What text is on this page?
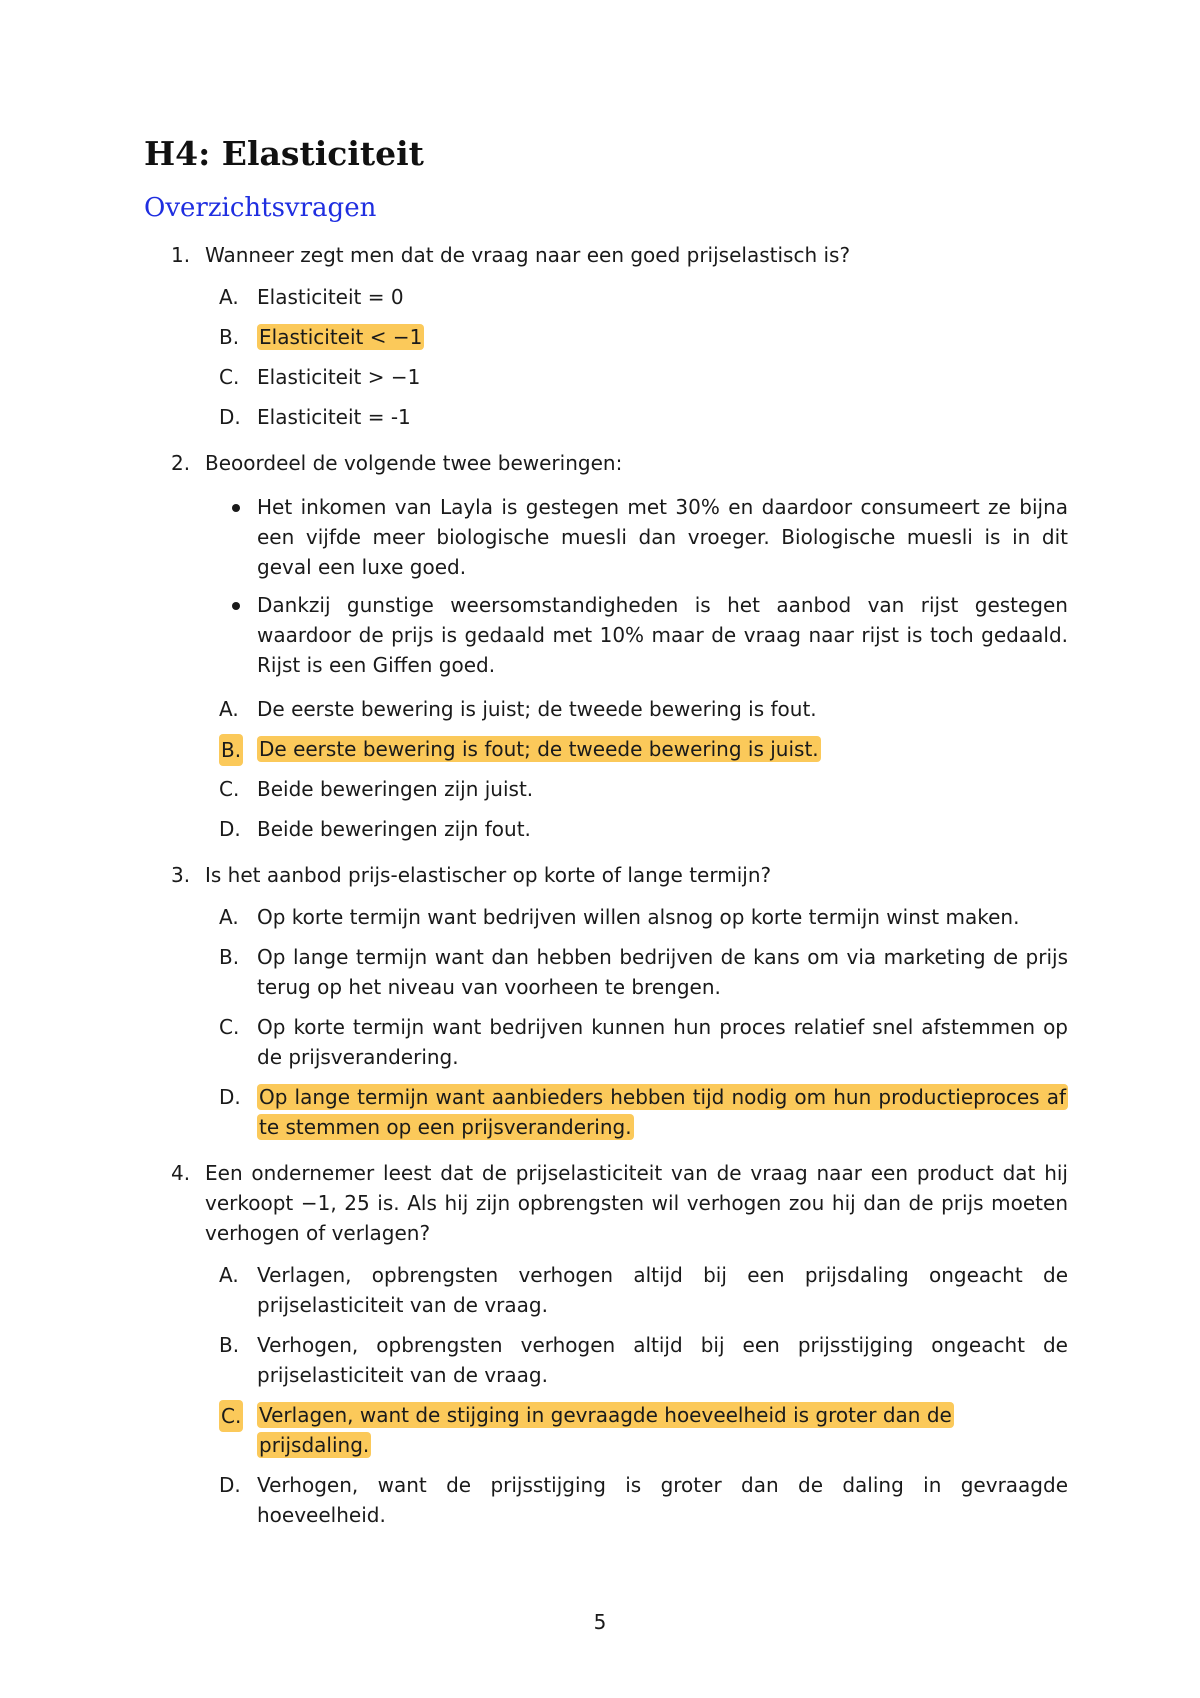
H4: Elasticiteit
Overzichtsvragen
1. Wanneer zegt men dat de vraag naar een goed prijselastisch is?
A. Elasticiteit = 0
B. Elasticiteit < −1
C. Elasticiteit > −1
D. Elasticiteit = -1
2. Beoordeel de volgende twee beweringen:
Het inkomen van Layla is gestegen met 30% en daardoor consumeert ze bijna een vijfde meer biologische muesli dan vroeger. Biologische muesli is in dit geval een luxe goed.
Dankzij gunstige weersomstandigheden is het aanbod van rijst gestegen waardoor de prijs is gedaald met 10% maar de vraag naar rijst is toch gedaald. Rijst is een Giffen goed.
A. De eerste bewering is juist; de tweede bewering is fout.
B. De eerste bewering is fout; de tweede bewering is juist.
C. Beide beweringen zijn juist.
D. Beide beweringen zijn fout.
3. Is het aanbod prijs-elastischer op korte of lange termijn?
A. Op korte termijn want bedrijven willen alsnog op korte termijn winst maken.
B. Op lange termijn want dan hebben bedrijven de kans om via marketing de prijs terug op het niveau van voorheen te brengen.
C. Op korte termijn want bedrijven kunnen hun proces relatief snel afstemmen op de prijsverandering.
D. Op lange termijn want aanbieders hebben tijd nodig om hun productieproces af te stemmen op een prijsverandering.
4. Een ondernemer leest dat de prijselasticiteit van de vraag naar een product dat hij verkoopt −1, 25 is. Als hij zijn opbrengsten wil verhogen zou hij dan de prijs moeten verhogen of verlagen?
A. Verlagen, opbrengsten verhogen altijd bij een prijsdaling ongeacht de prijselasticiteit van de vraag.
B. Verhogen, opbrengsten verhogen altijd bij een prijsstijging ongeacht de prijselasticiteit van de vraag.
C. Verlagen, want de stijging in gevraagde hoeveelheid is groter dan de prijsdaling.
D. Verhogen, want de prijsstijging is groter dan de daling in gevraagde hoeveelheid.
5
